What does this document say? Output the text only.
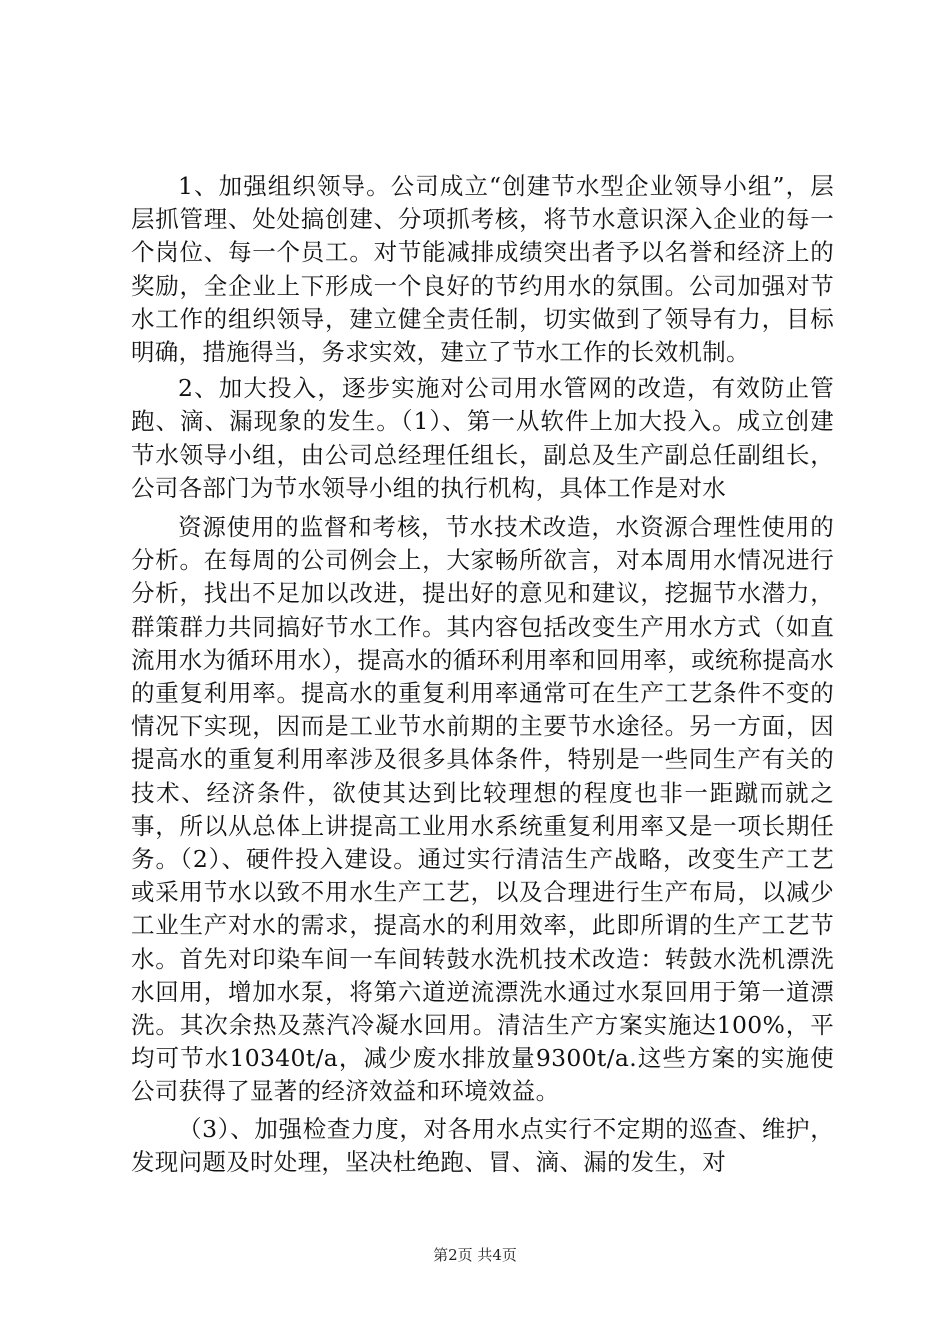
1、加强组织领导。公司成立“创建节水型企业领导小组”，层层抓管理、处处搞创建、分项抓考核，将节水意识深入企业的每一个岗位、每一个员工。对节能减排成绩突出者予以名誉和经济上的奖励，全企业上下形成一个良好的节约用水的氛围。公司加强对节水工作的组织领导，建立健全责任制，切实做到了领导有力，目标明确，措施得当，务求实效，建立了节水工作的长效机制。

2、加大投入，逐步实施对公司用水管网的改造，有效防止管跑、滴、漏现象的发生。（1）、第一从软件上加大投入。成立创建节水领导小组，由公司总经理任组长，副总及生产副总任副组长，公司各部门为节水领导小组的执行机构，具体工作是对水

资源使用的监督和考核，节水技术改造，水资源合理性使用的分析。在每周的公司例会上，大家畅所欲言，对本周用水情况进行分析，找出不足加以改进，提出好的意见和建议，挖掘节水潜力，群策群力共同搞好节水工作。其内容包括改变生产用水方式（如直流用水为循环用水），提高水的循环利用率和回用率，或统称提高水的重复利用率。提高水的重复利用率通常可在生产工艺条件不变的情况下实现，因而是工业节水前期的主要节水途径。另一方面，因提高水的重复利用率涉及很多具体条件，特别是一些同生产有关的技术、经济条件，欲使其达到比较理想的程度也非一距蹴而就之事，所以从总体上讲提高工业用水系统重复利用率又是一项长期任务。（2）、硬件投入建设。通过实行清洁生产战略，改变生产工艺或采用节水以致不用水生产工艺，以及合理进行生产布局，以减少工业生产对水的需求，提高水的利用效率，此即所谓的生产工艺节水。首先对印染车间一车间转鼓水洗机技术改造：转鼓水洗机漂洗水回用，增加水泵，将第六道逆流漂洗水通过水泵回用于第一道漂洗。其次余热及蒸汽冷凝水回用。清洁生产方案实施达100%，平均可节水10340t/a，减少废水排放量9300t/a.这些方案的实施使公司获得了显著的经济效益和环境效益。

（3）、加强检查力度，对各用水点实行不定期的巡查、维护，发现问题及时处理，坚决杜绝跑、冒、滴、漏的发生，对

第2页 共4页
